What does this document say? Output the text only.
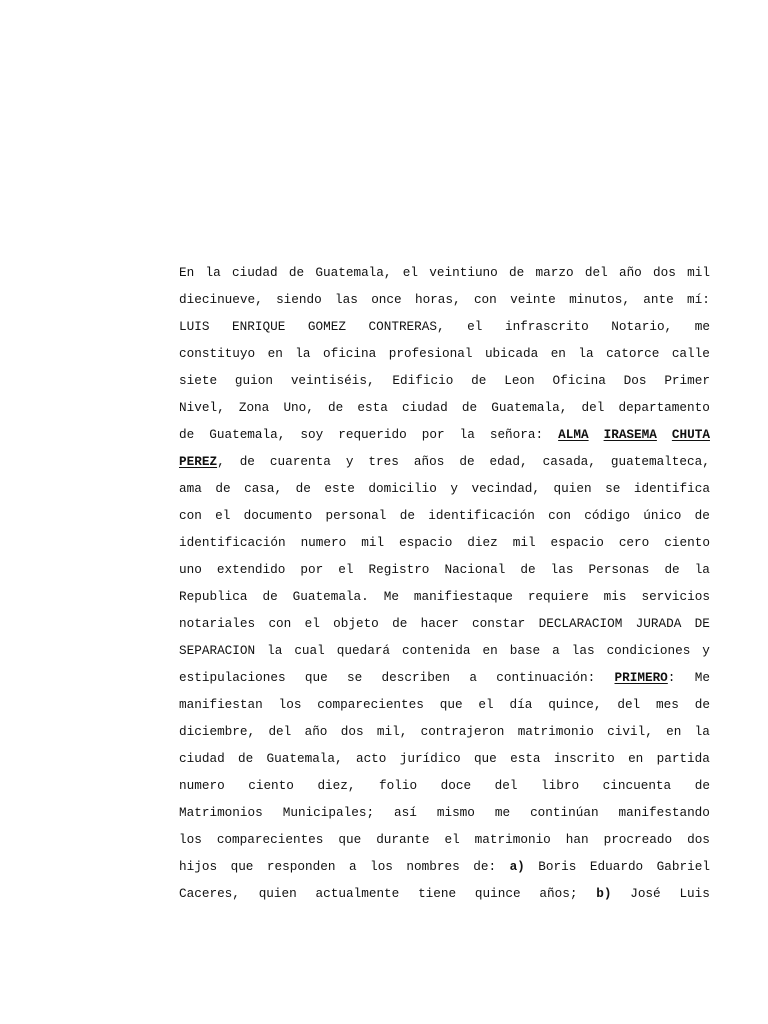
En la ciudad de Guatemala, el veintiuno de marzo del año dos mil
diecinueve, siendo las once horas, con veinte minutos, ante mí:
LUIS ENRIQUE GOMEZ CONTRERAS, el infrascrito Notario, me
constituyo en la oficina profesional ubicada en la catorce calle
siete guion veintiséis, Edificio de Leon Oficina Dos Primer
Nivel, Zona Uno, de esta ciudad de Guatemala, del departamento
de Guatemala, soy requerido por la señora: ALMA IRASEMA CHUTA
PEREZ, de cuarenta y tres años de edad, casada, guatemalteca,
ama de casa, de este domicilio y vecindad, quien se identifica
con el documento personal de identificación con código único de
identificación numero mil espacio diez mil espacio cero ciento
uno extendido por el Registro Nacional de las Personas de la
Republica de Guatemala. Me manifiestaque requiere mis servicios
notariales con el objeto de hacer constar DECLARACIOM JURADA DE
SEPARACION la cual quedará contenida en base a las condiciones y
estipulaciones que se describen a continuación: PRIMERO: Me
manifiestan los comparecientes que el día quince, del mes de
diciembre, del año dos mil, contrajeron matrimonio civil, en la
ciudad de Guatemala, acto jurídico que esta inscrito en partida
numero ciento diez, folio doce del libro cincuenta de
Matrimonios Municipales; así mismo me continúan manifestando
los comparecientes que durante el matrimonio han procreado dos
hijos que responden a los nombres de: a) Boris Eduardo Gabriel
Caceres, quien actualmente tiene quince años; b) José Luis
